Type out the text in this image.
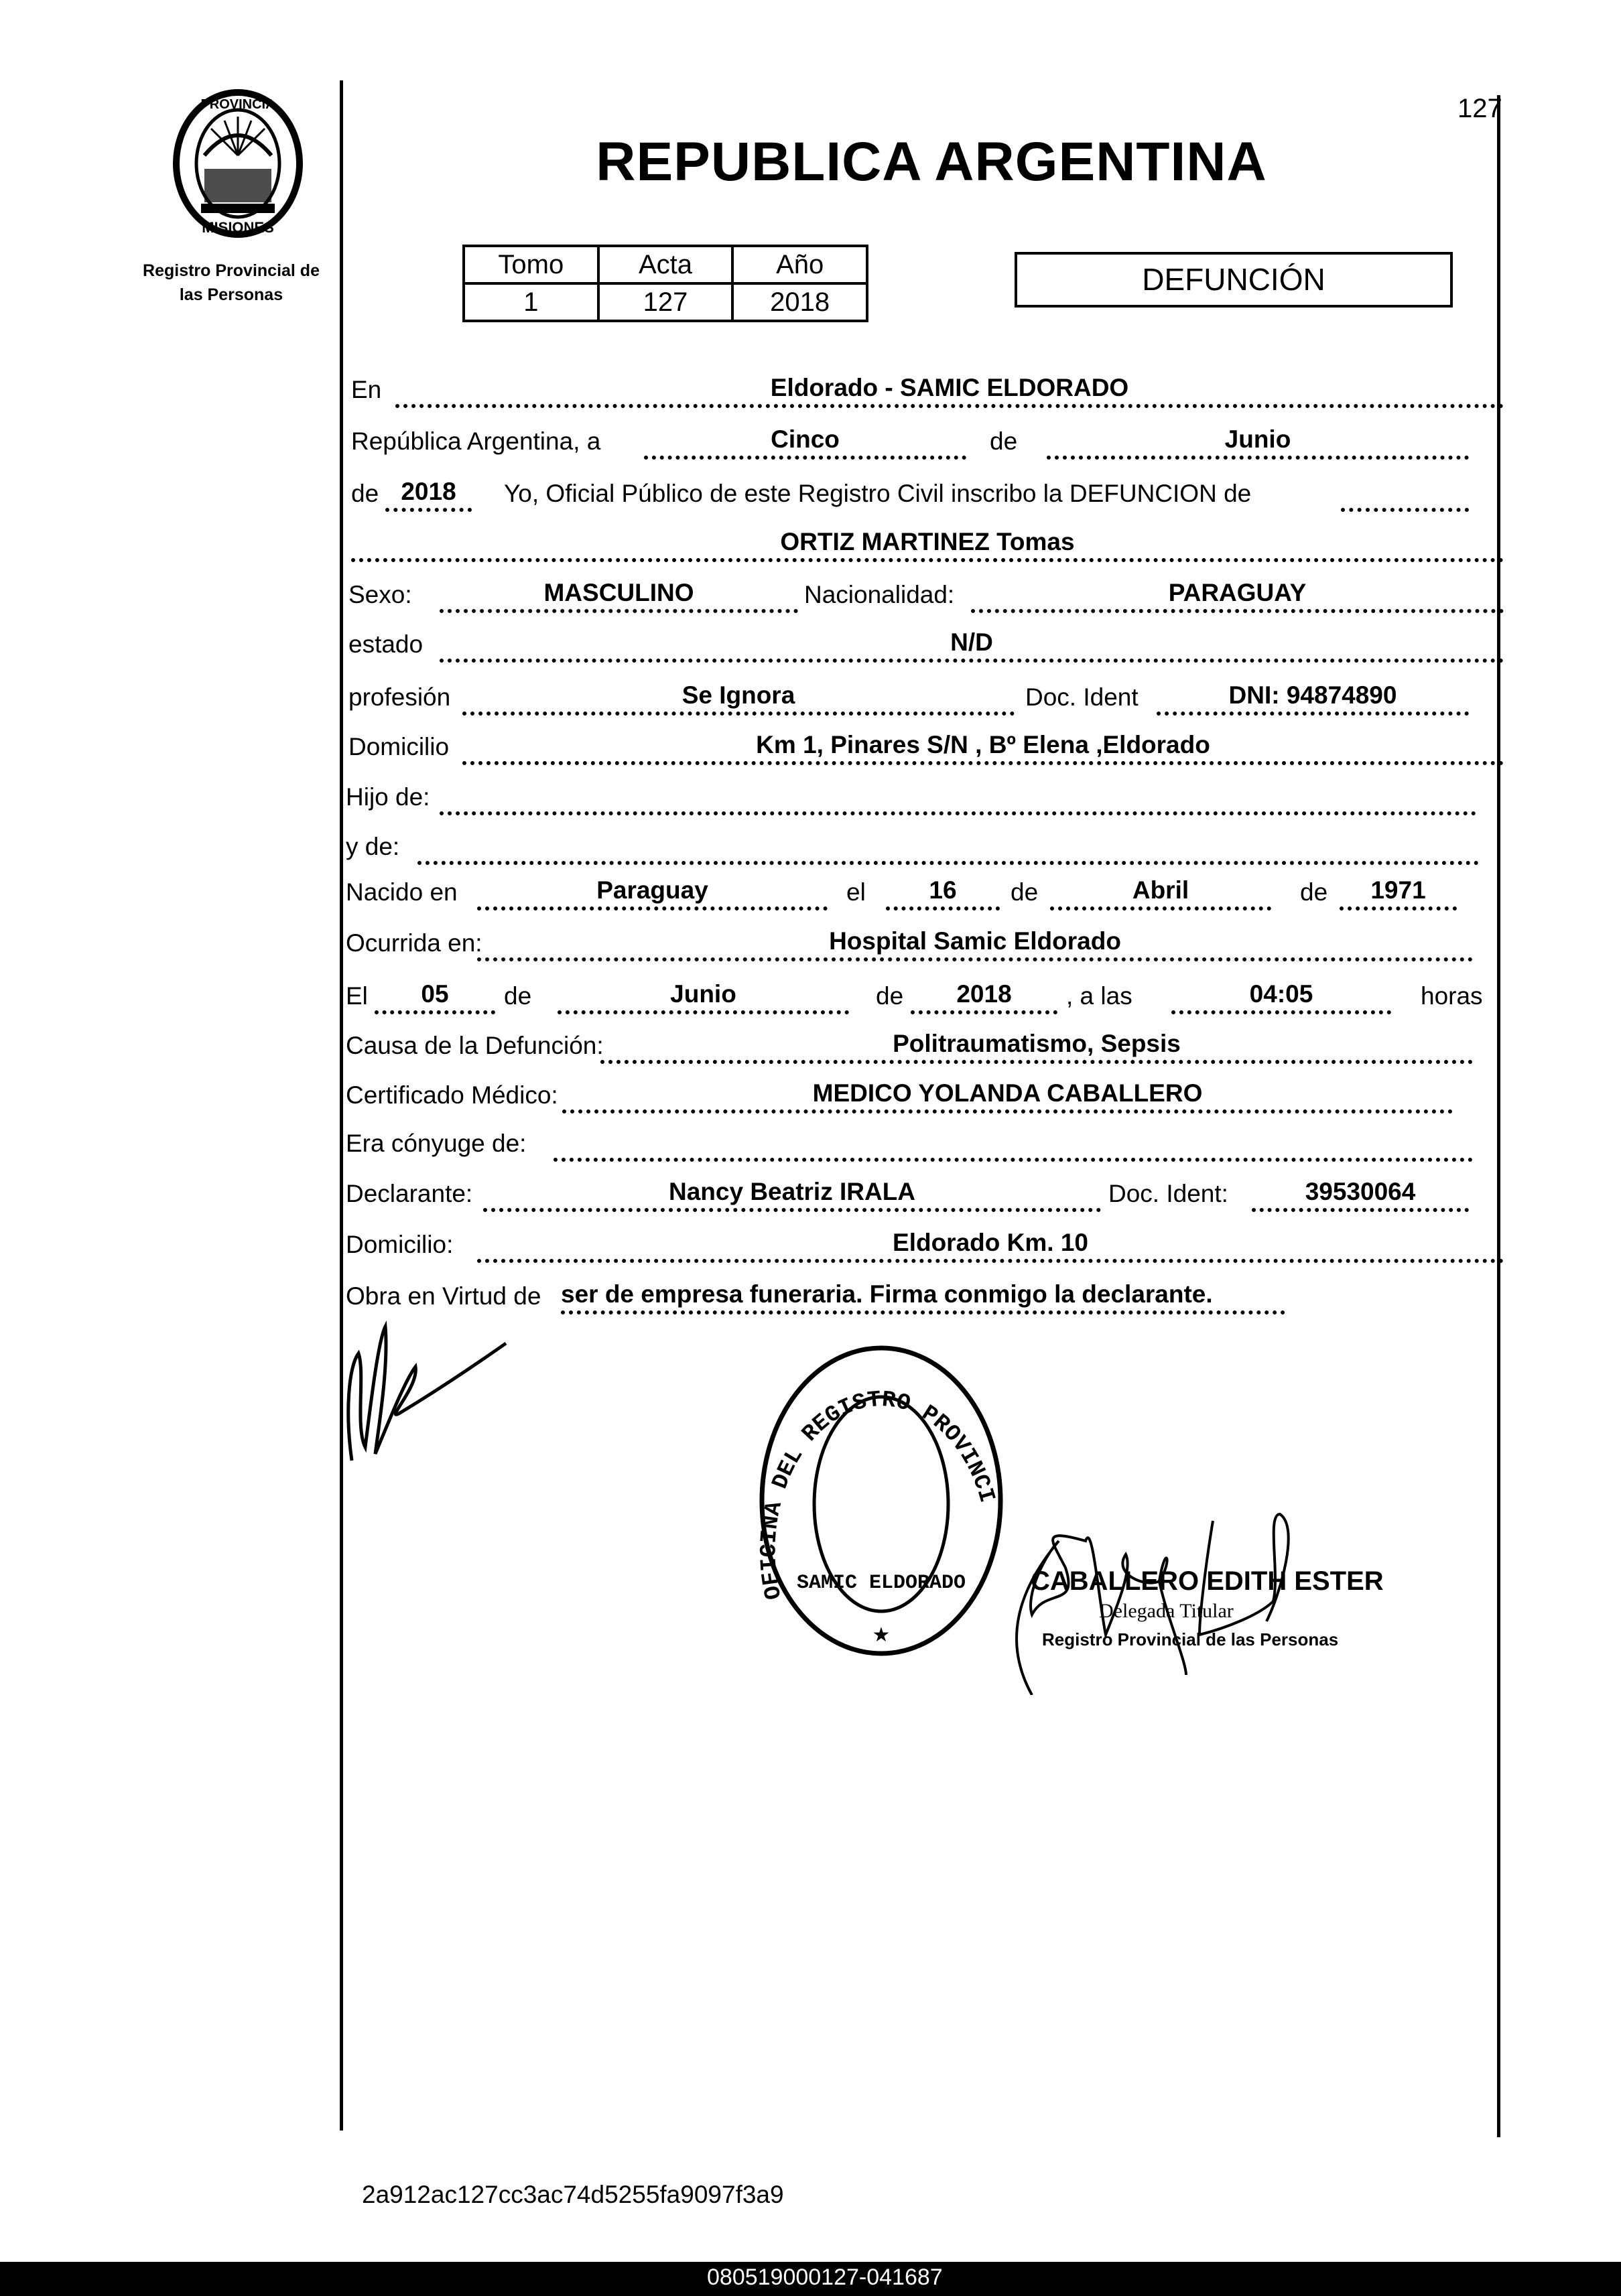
127
PROVINCIA
MISIONES
Registro Provincial de
las Personas
REPUBLICA ARGENTINA
Tomo	Acta	Año
1	127	2018
DEFUNCIÓN
En	Eldorado - SAMIC ELDORADO
República Argentina, a	Cinco	de	Junio
de 2018	Yo, Oficial Público de este Registro Civil inscribo la DEFUNCION de
ORTIZ MARTINEZ Tomas
Sexo:	MASCULINO	Nacionalidad:	PARAGUAY
estado	N/D
profesión	Se Ignora	Doc. Ident	DNI: 94874890
Domicilio	Km 1, Pinares S/N , Bº Elena ,Eldorado
Hijo de:
y de:
Nacido en	Paraguay	el	16	de	Abril	de	1971
Ocurrida en:	Hospital Samic Eldorado
El	05	de	Junio	de	2018	, a las	04:05	horas
Causa de la Defunción:	Politraumatismo, Sepsis
Certificado Médico:	MEDICO YOLANDA CABALLERO
Era cónyuge de:
Declarante:	Nancy Beatriz IRALA	Doc. Ident:	39530064
Domicilio:	Eldorado Km. 10
Obra en Virtud de ser de empresa funeraria. Firma conmigo la declarante.
OFICINA DEL REGISTRO PROVINCI
SAMIC ELDORADO
★
CABALLERO EDITH ESTER
Delegada Titular
Registro Provincial de las Personas
2a912ac127cc3ac74d5255fa9097f3a9
080519000127-041687
